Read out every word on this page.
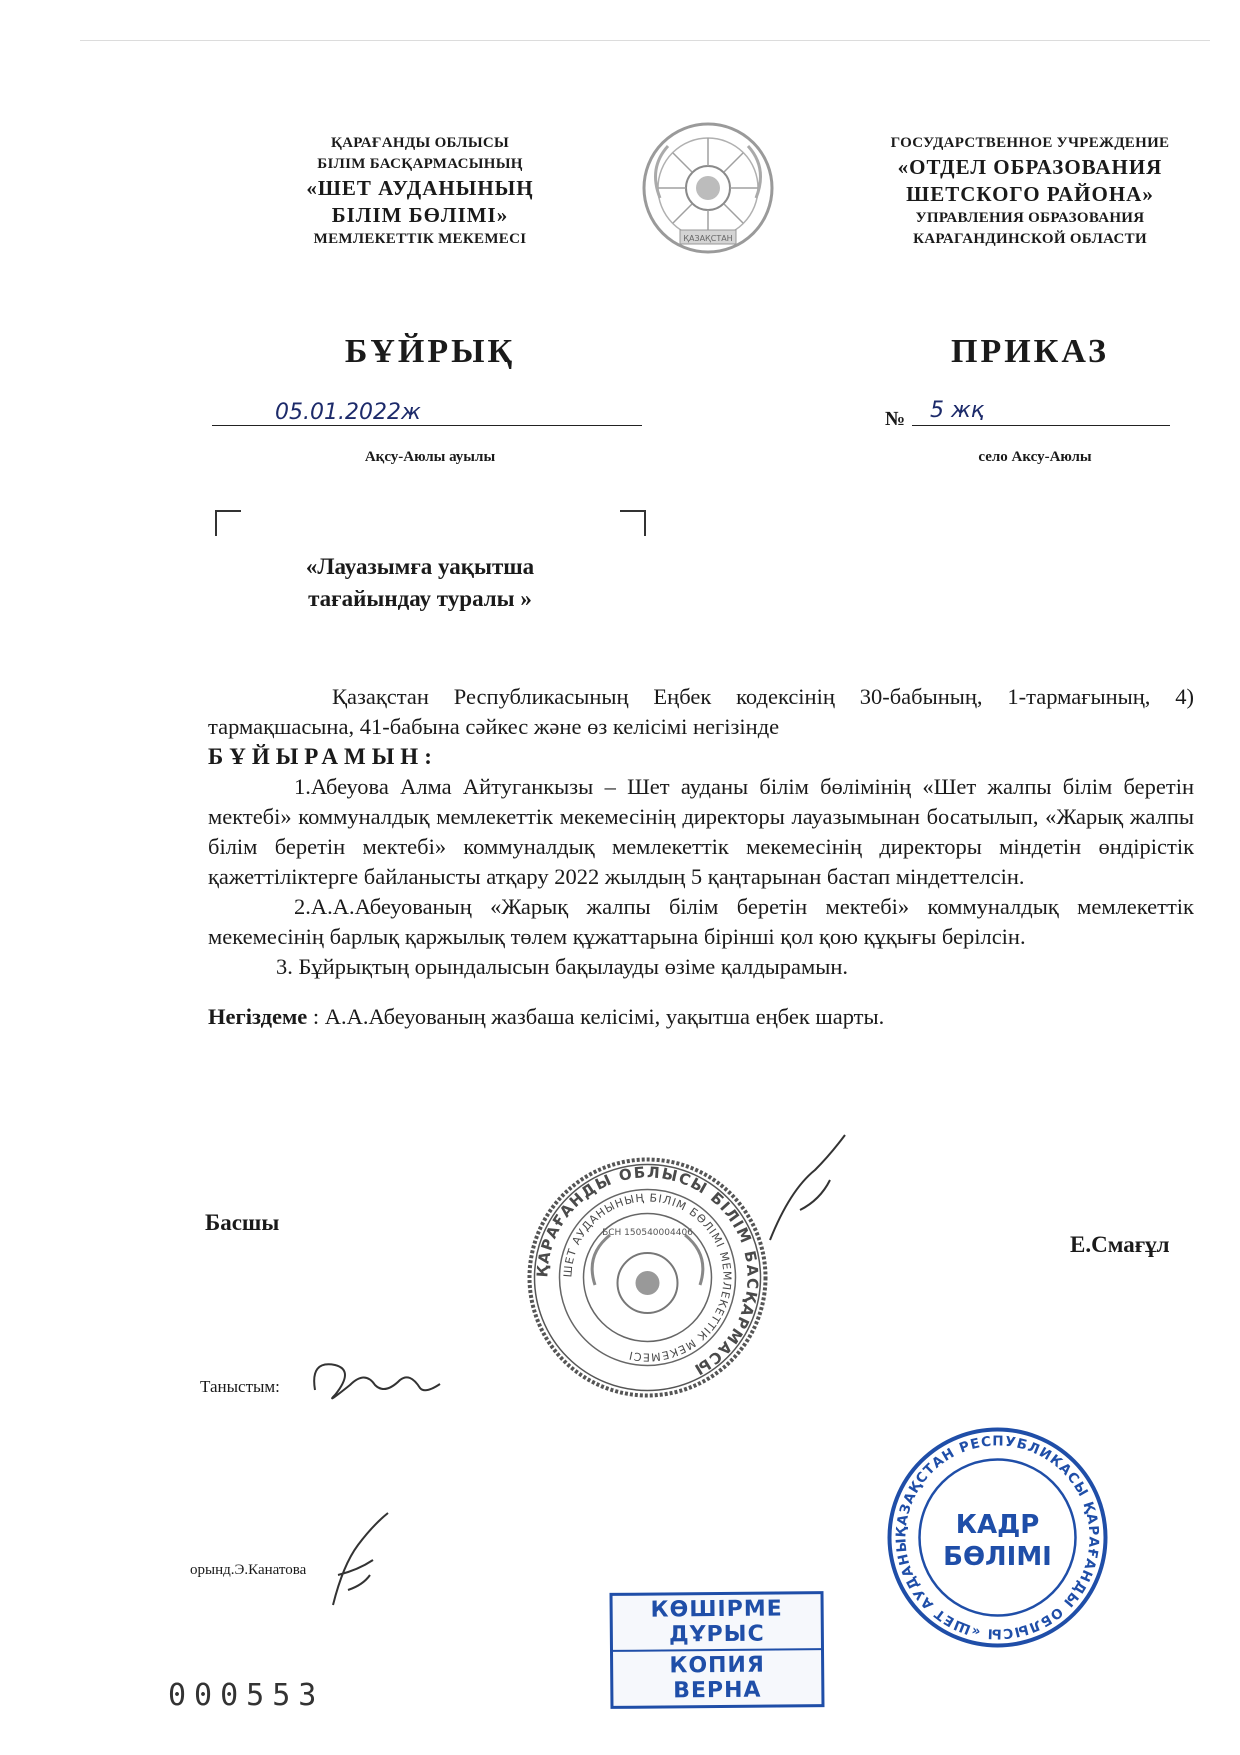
ҚАРАҒАНДЫ ОБЛЫСЫ
БІЛІМ БАСҚАРМАСЫНЫҢ
«ШЕТ АУДАНЫНЫҢ
БІЛІМ БӨЛІМІ»
МЕМЛЕКЕТТІК МЕКЕМЕСІ	ҚАЗАҚСТАН
ГОСУДАРСТВЕННОЕ УЧРЕЖДЕНИЕ
«ОТДЕЛ ОБРАЗОВАНИЯ
ШЕТСКОГО РАЙОНА»
УПРАВЛЕНИЯ ОБРАЗОВАНИЯ
КАРАГАНДИНСКОЙ ОБЛАСТИ
БҰЙРЫҚ	ПРИКАЗ
05.01.2022ж	№ 5 жқ
Ақсу-Аюлы ауылы	село Аксу-Аюлы
«Лауазымға уақытша
тағайындау туралы »

Қазақстан Республикасының Еңбек кодексінің 30-бабының, 1-тармағының, 4) тармақшасына, 41-бабына сәйкес және өз келісімі негізінде

БҰЙЫРАМЫН:

1.Абеуова Алма Айтуганкызы – Шет ауданы білім бөлімінің «Шет жалпы білім беретін мектебі» коммуналдық мемлекеттік мекемесінің директоры лауазымынан босатылып, «Жарық жалпы білім беретін мектебі» коммуналдық мемлекеттік мекемесінің директоры міндетін өндірістік қажеттіліктерге байланысты атқару 2022 жылдың 5 қаңтарынан бастап міндеттелсін.

2.А.А.Абеуованың «Жарық жалпы білім беретін мектебі» коммуналдық мемлекеттік мекемесінің барлық қаржылық төлем құжаттарына бірінші қол қою құқығы берілсін.

3. Бұйрықтың орындалысын бақылауды өзіме қалдырамын.

Негіздеме : А.А.Абеуованың жазбаша келісімі, уақытша еңбек шарты.

ҚАРАҒАНДЫ ОБЛЫСЫ БІЛІМ БАСҚАРМАСЫ
ШЕТ АУДАНЫНЫҢ БІЛІМ БӨЛІМІ МЕМЛЕКЕТТІК МЕКЕМЕСІ
БСН 150540004406
Басшы
Е.Смағұл
Таныстым:
ҚАЗАҚСТАН РЕСПУБЛИКАСЫ ҚАРАҒАНДЫ ОБЛЫСЫ «ШЕТ АУДАНЫ
КАДР
БӨЛІМІ
орынд.Э.Канатова
КӨШІРМЕ ДҰРЫС
КОПИЯ ВЕРНА
000553
